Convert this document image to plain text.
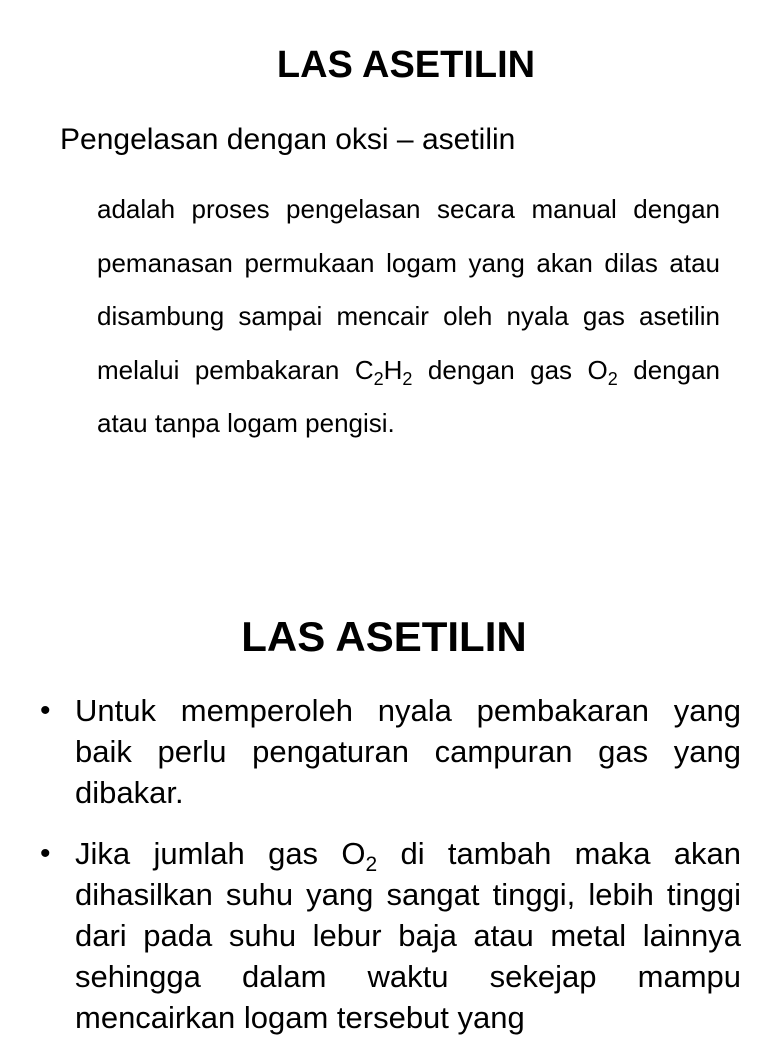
LAS ASETILIN

Pengelasan dengan oksi – asetilin

adalah proses pengelasan secara manual dengan pemanasan permukaan logam yang akan dilas atau disambung sampai mencair oleh nyala gas asetilin melalui pembakaran $C_2H_2$ dengan gas $O_2$ dengan atau tanpa logam pengisi.

LAS ASETILIN
• Untuk memperoleh nyala pembakaran yang baik perlu pengaturan campuran gas yang dibakar.
• Jika jumlah gas $O_2$ di tambah maka akan dihasilkan suhu yang sangat tinggi, lebih tinggi dari pada suhu lebur baja atau metal lainnya sehingga dalam waktu sekejap mampu mencairkan logam tersebut yang
